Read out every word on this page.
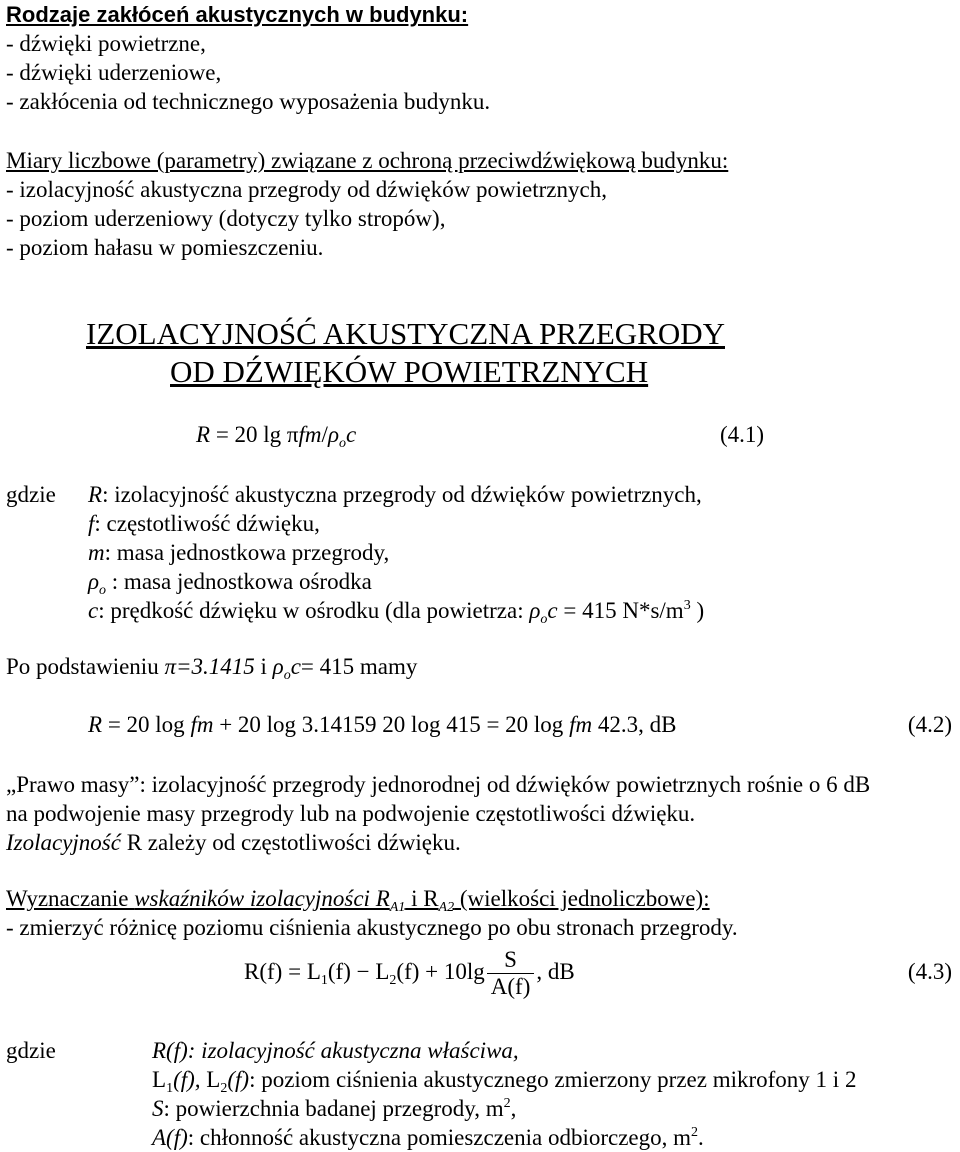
Rodzaje zakłóceń akustycznych w budynku:
- dźwięki powietrzne,
- dźwięki uderzeniowe,
- zakłócenia od technicznego wyposażenia budynku.
Miary liczbowe (parametry) związane z ochroną przeciwdźwiękową budynku:
- izolacyjność akustyczna przegrody od dźwięków powietrznych,
- poziom uderzeniowy (dotyczy tylko stropów),
- poziom hałasu w pomieszczeniu.
IZOLACYJNOŚĆ AKUSTYCZNA PRZEGRODY
OD DŹWIĘKÓW POWIETRZNYCH
R = 20 lg πfm/$\rho_oc$	(4.1)
gdzie R: izolacyjność akustyczna przegrody od dźwięków powietrznych,
f: częstotliwość dźwięku,
m: masa jednostkowa przegrody,
$\rho_o$ : masa jednostkowa ośrodka
c: prędkość dźwięku w ośrodku (dla powietrza: $\rho_oc = 415$ $N*s/m^3$ )
Po podstawieniu π=3.1415 i $\rho_oc= 415$ mamy
R = 20 log fm + 20 log 3.14159 20 log 415 = 20 log fm 42.3, dB	(4.2)
„Prawo masy”: izolacyjność przegrody jednorodnej od dźwięków powietrznych rośnie o 6 dB
na podwojenie masy przegrody lub na podwojenie częstotliwości dźwięku.
Izolacyjność R zależy od częstotliwości dźwięku.
Wyznaczanie wskaźników izolacyjności $R_{A1}$ i $R_{A2}$ (wielkości jednoliczbowe):
- zmierzyć różnicę poziomu ciśnienia akustycznego po obu stronach przegrody.
$R(f) = L_1(f) - L_2(f) + 10\lg \frac{S}{A(f)}$ , dB	(4.3)
gdzie	R(f): izolacyjność akustyczna właściwa,
$L_1(f)$, $L_2(f)$: poziom ciśnienia akustycznego zmierzony przez mikrofony 1 i 2
S: powierzchnia badanej przegrody, $m^2$,
A(f): chłonność akustyczna pomieszczenia odbiorczego, $m^2$.
